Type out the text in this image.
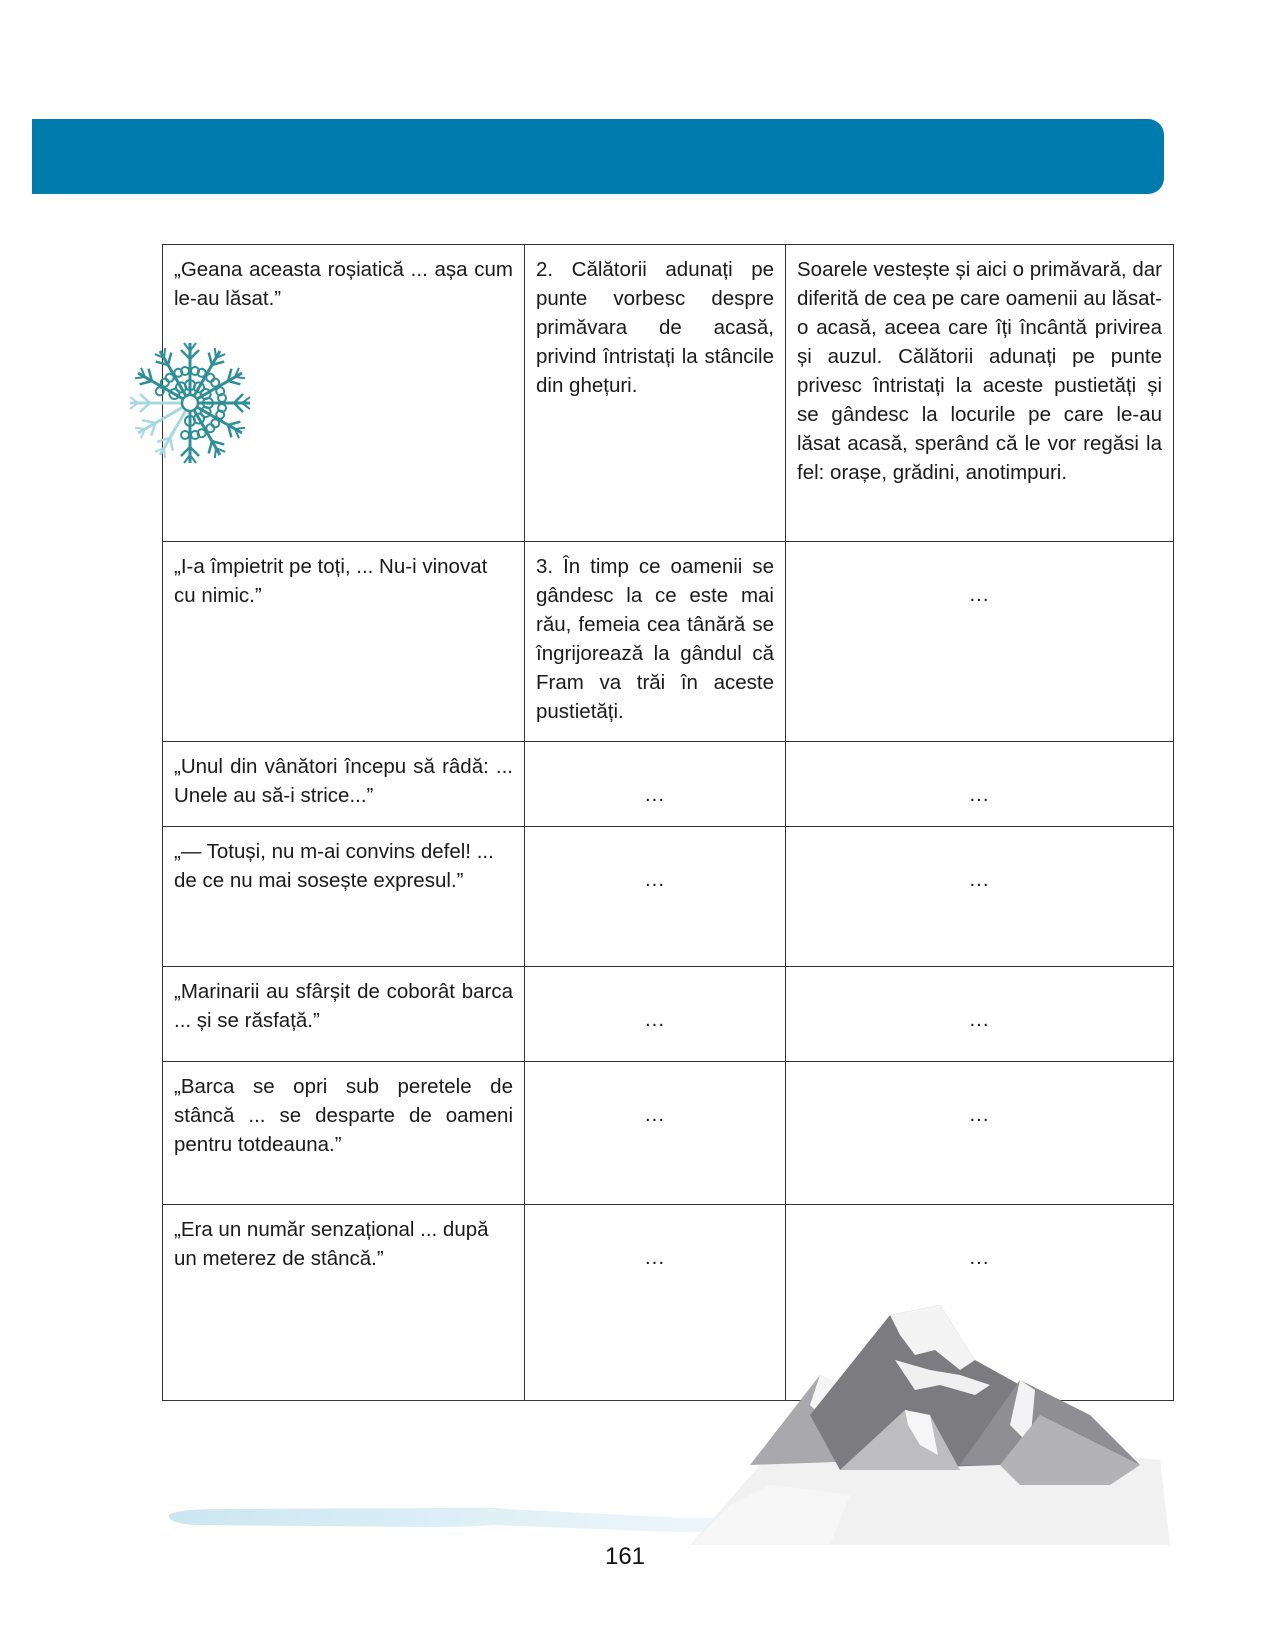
„Geana aceasta roșiatică ... așa cum le-au lăsat.”	2. Călătorii adunați pe punte vorbesc despre primăvara de acasă, privind întristați la stâncile din ghețuri.	Soarele vestește și aici o primăvară, dar diferită de cea pe care oamenii au lăsat-o acasă, aceea care îți încântă privirea și auzul. Călătorii adunați pe punte privesc întristați la aceste pustietăți și se gândesc la locurile pe care le-au lăsat acasă, sperând că le vor regăsi la fel: orașe, grădini, anotimpuri.
„I-a împietrit pe toți, ... Nu-i vinovat cu nimic.”	3. În timp ce oamenii se gândesc la ce este mai rău, femeia cea tânără se îngrijorează la gândul că Fram va trăi în aceste pustietăți.	...

„Unul din vânători începu să râdă: ... Unele au să-i strice...”	...	...

„— Totuși, nu m-ai convins defel! ... de ce nu mai sosește expresul.”	...	...

„Marinarii au sfârșit de coborât barca ... și se răsfață.”	...	...

„Barca se opri sub peretele de stâncă ... se desparte de oameni pentru totdeauna.”	...	...

„Era un număr senzațional ... după un meterez de stâncă.”	...	...
161
